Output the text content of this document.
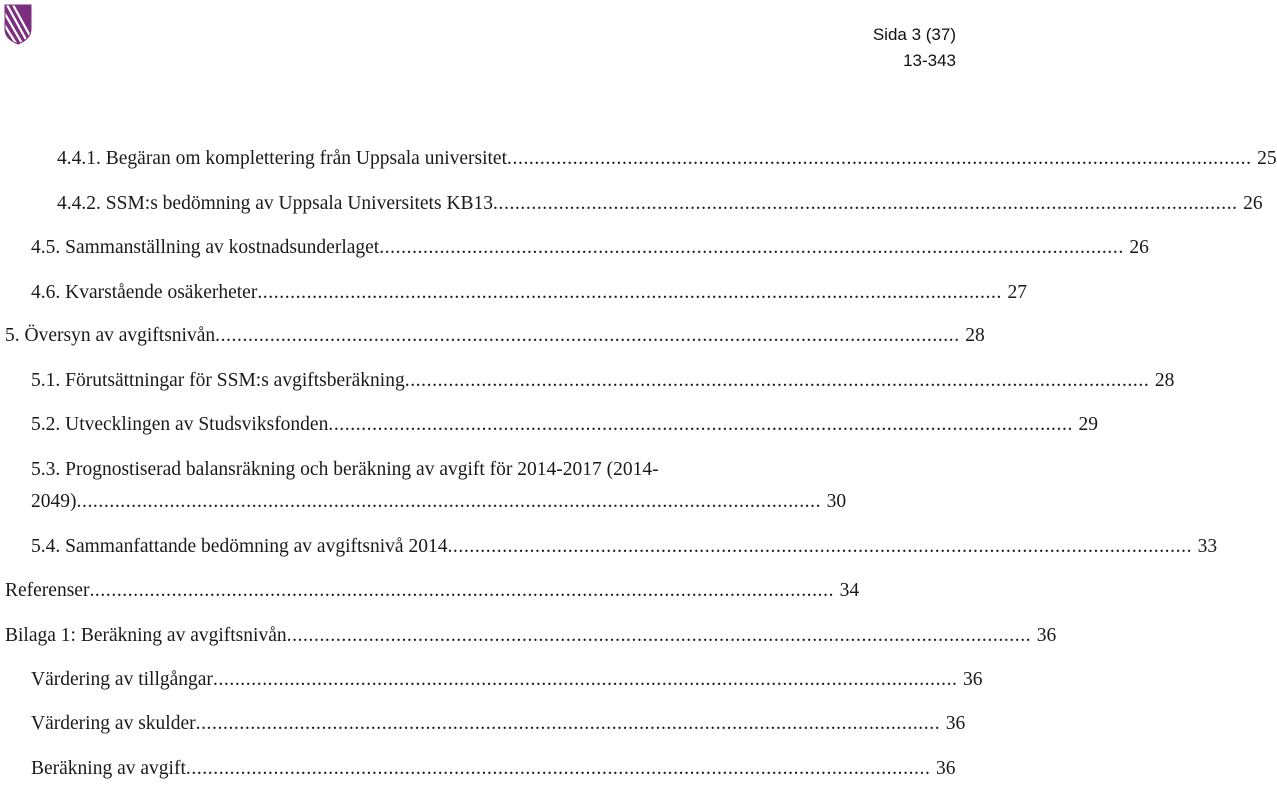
Sida 3 (37)
13-343
4.4.1. Begäran om komplettering från Uppsala universitet ........................................................................................................................................ 25
4.4.2. SSM:s bedömning av Uppsala Universitets KB13 ........................................................................................................................................ 26
4.5. Sammanställning av kostnadsunderlaget ........................................................................................................................................ 26
4.6. Kvarstående osäkerheter ........................................................................................................................................ 27
5. Översyn av avgiftsnivån ........................................................................................................................................ 28
5.1. Förutsättningar för SSM:s avgiftsberäkning ........................................................................................................................................ 28
5.2. Utvecklingen av Studsviksfonden ........................................................................................................................................ 29
5.3. Prognostiserad balansräkning och beräkning av avgift för 2014-2017 (2014-
2049) ........................................................................................................................................ 30
5.4. Sammanfattande bedömning av avgiftsnivå 2014 ........................................................................................................................................ 33
Referenser ........................................................................................................................................ 34
Bilaga 1: Beräkning av avgiftsnivån ........................................................................................................................................ 36
Värdering av tillgångar ........................................................................................................................................ 36
Värdering av skulder ........................................................................................................................................ 36
Beräkning av avgift ........................................................................................................................................ 36
